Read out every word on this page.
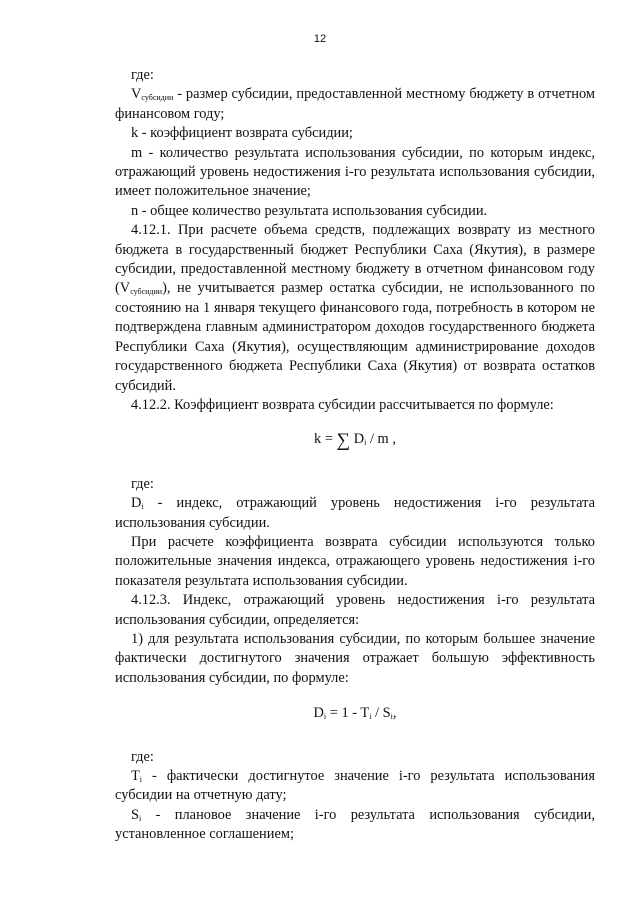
12

где:

$V_{субсидии}$ - размер субсидии, предоставленной местному бюджету в отчетном финансовом году;

k - коэффициент возврата субсидии;

m - количество результата использования субсидии, по которым индекс, отражающий уровень недостижения i-го результата использования субсидии, имеет положительное значение;

n - общее количество результата использования субсидии.

4.12.1. При расчете объема средств, подлежащих возврату из местного бюджета в государственный бюджет Республики Саха (Якутия), в размере субсидии, предоставленной местному бюджету в отчетном финансовом году $(V_{субсидии})$, не учитывается размер остатка субсидии, не использованного по состоянию на 1 января текущего финансового года, потребность в котором не подтверждена главным администратором доходов государственного бюджета Республики Саха (Якутия), осуществляющим администрирование доходов государственного бюджета Республики Саха (Якутия) от возврата остатков субсидий.

4.12.2. Коэффициент возврата субсидии рассчитывается по формуле:

k = ∑ $D_i$ / m ,

где:

$D_i$ - индекс, отражающий уровень недостижения i-го результата использования субсидии.

При расчете коэффициента возврата субсидии используются только положительные значения индекса, отражающего уровень недостижения i-го показателя результата использования субсидии.

4.12.3. Индекс, отражающий уровень недостижения i-го результата использования субсидии, определяется:

1) для результата использования субсидии, по которым большее значение фактически достигнутого значения отражает большую эффективность использования субсидии, по формуле:

$D_i = 1 - T_i / S_i$,

где:

$T_i$ - фактически достигнутое значение i-го результата использования субсидии на отчетную дату;

$S_i$ - плановое значение i-го результата использования субсидии, установленное соглашением;
